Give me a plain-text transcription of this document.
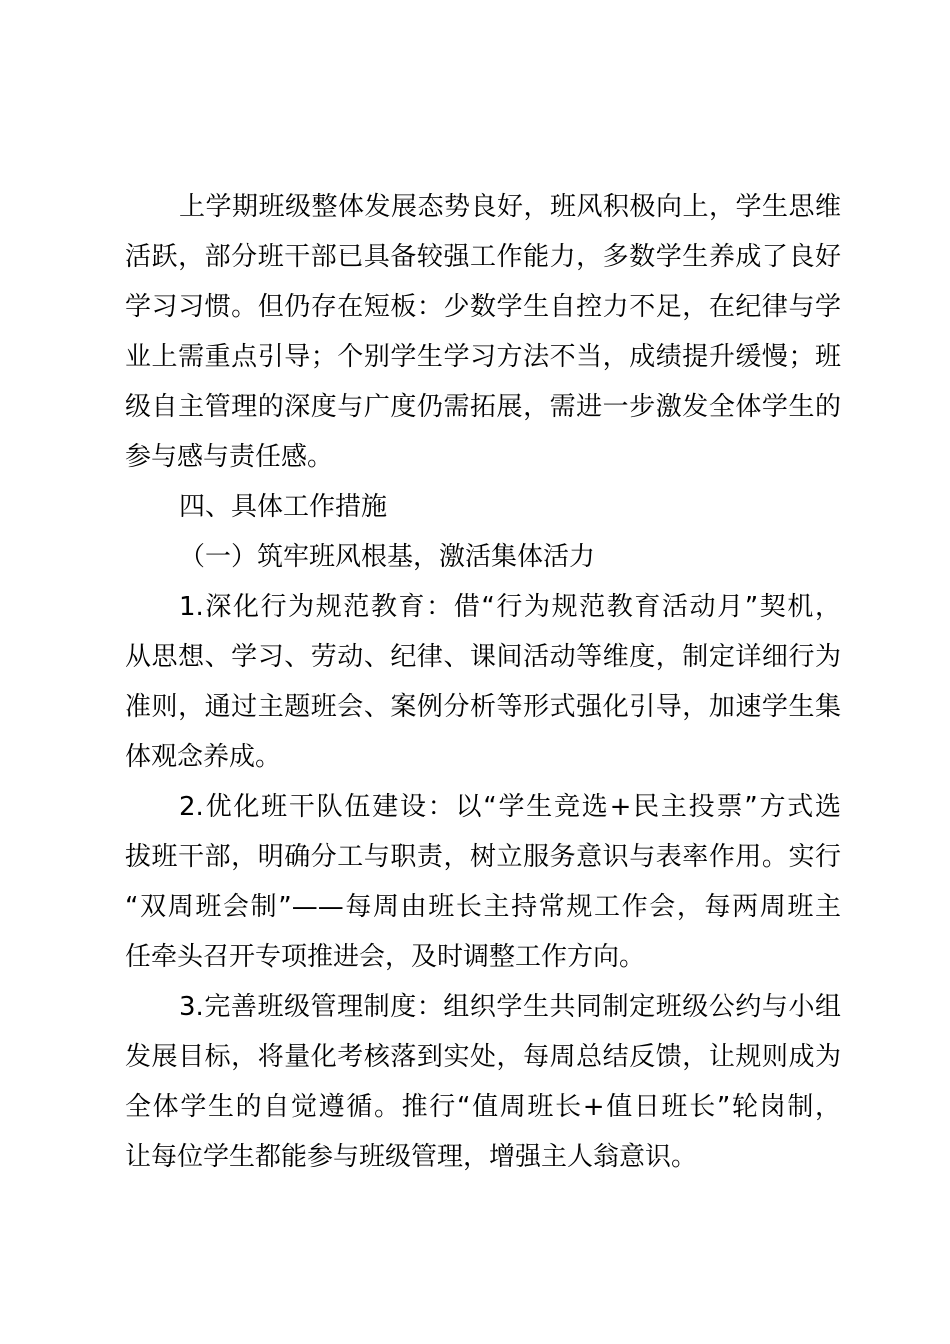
上学期班级整体发展态势良好，班风积极向上，学生思维
活跃，部分班干部已具备较强工作能力，多数学生养成了良好
学习习惯。但仍存在短板：少数学生自控力不足，在纪律与学
业上需重点引导；个别学生学习方法不当，成绩提升缓慢；班
级自主管理的深度与广度仍需拓展，需进一步激发全体学生的
参与感与责任感。
四、具体工作措施
（一）筑牢班风根基，激活集体活力
1.深化行为规范教育：借“行为规范教育活动月”契机，
从思想、学习、劳动、纪律、课间活动等维度，制定详细行为
准则，通过主题班会、案例分析等形式强化引导，加速学生集
体观念养成。
2.优化班干队伍建设：以“学生竞选+民主投票”方式选
拔班干部，明确分工与职责，树立服务意识与表率作用。实行
“双周班会制”——每周由班长主持常规工作会，每两周班主
任牵头召开专项推进会，及时调整工作方向。
3.完善班级管理制度：组织学生共同制定班级公约与小组
发展目标，将量化考核落到实处，每周总结反馈，让规则成为
全体学生的自觉遵循。推行“值周班长+值日班长”轮岗制，
让每位学生都能参与班级管理，增强主人翁意识。
